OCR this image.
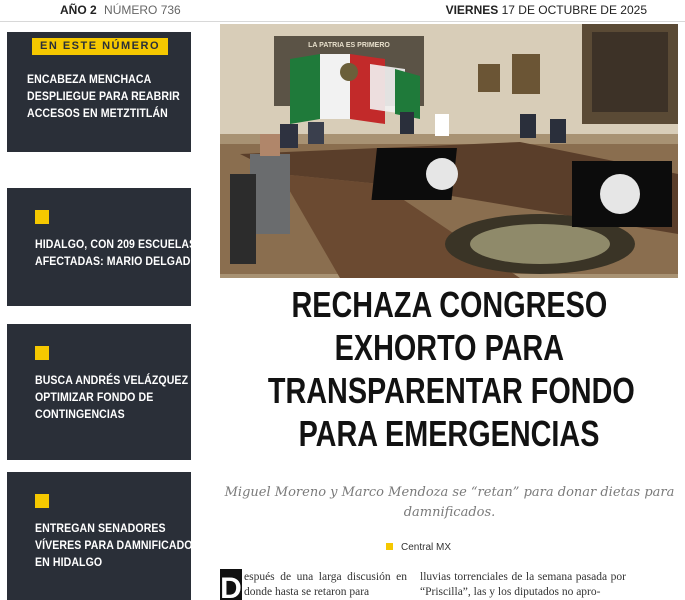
AÑO 2 NÚMERO 736	VIERNES 17 DE OCTUBRE DE 2025
EN ESTE NÚMERO
ENCABEZA MENCHACA DESPLIEGUE PARA REABRIR ACCESOS EN METZTITLÁN
HIDALGO, CON 209 ESCUELAS AFECTADAS: MARIO DELGADO
BUSCA ANDRÉS VELÁZQUEZ OPTIMIZAR FONDO DE CONTINGENCIAS
ENTREGAN SENADORES VÍVERES PARA DAMNIFICADOS EN HIDALGO
LA PATRIA ES PRIMERO
RECHAZA CONGRESO
EXHORTO PARA
TRANSPARENTAR FONDO
PARA EMERGENCIAS

Miguel Moreno y Marco Mendoza se “retan” para donar dietas para damnificados.

Central MX
D espués de una larga discusión en donde hasta se retaron para

lluvias torrenciales de la semana pasada por “Priscilla”, las y los diputados no apro-
